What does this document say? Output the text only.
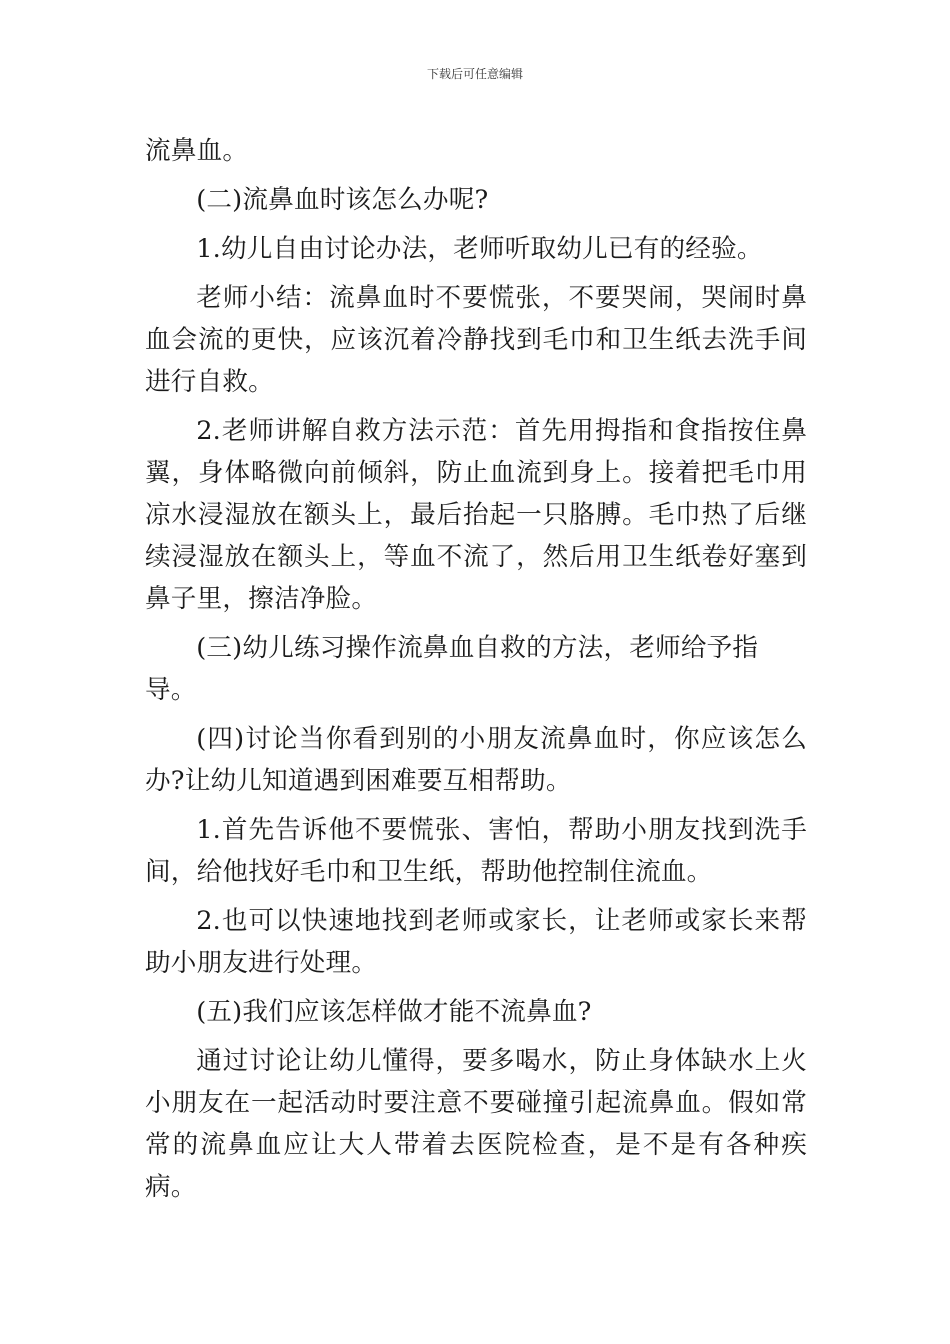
下载后可任意编辑

流鼻血。

(二)流鼻血时该怎么办呢?

1.幼儿自由讨论办法，老师听取幼儿已有的经验。

老师小结：流鼻血时不要慌张，不要哭闹，哭闹时鼻血会流的更快，应该沉着冷静找到毛巾和卫生纸去洗手间进行自救。

2.老师讲解自救方法示范：首先用拇指和食指按住鼻翼，身体略微向前倾斜，防止血流到身上。接着把毛巾用凉水浸湿放在额头上，最后抬起一只胳膊。毛巾热了后继续浸湿放在额头上，等血不流了，然后用卫生纸卷好塞到鼻子里，擦洁净脸。

(三)幼儿练习操作流鼻血自救的方法，老师给予指导。

(四)讨论当你看到别的小朋友流鼻血时，你应该怎么办?让幼儿知道遇到困难要互相帮助。

1.首先告诉他不要慌张、害怕，帮助小朋友找到洗手间，给他找好毛巾和卫生纸，帮助他控制住流血。

2.也可以快速地找到老师或家长，让老师或家长来帮助小朋友进行处理。

(五)我们应该怎样做才能不流鼻血?

通过讨论让幼儿懂得，要多喝水，防止身体缺水上火小朋友在一起活动时要注意不要碰撞引起流鼻血。假如常常的流鼻血应让大人带着去医院检查，是不是有各种疾病。
